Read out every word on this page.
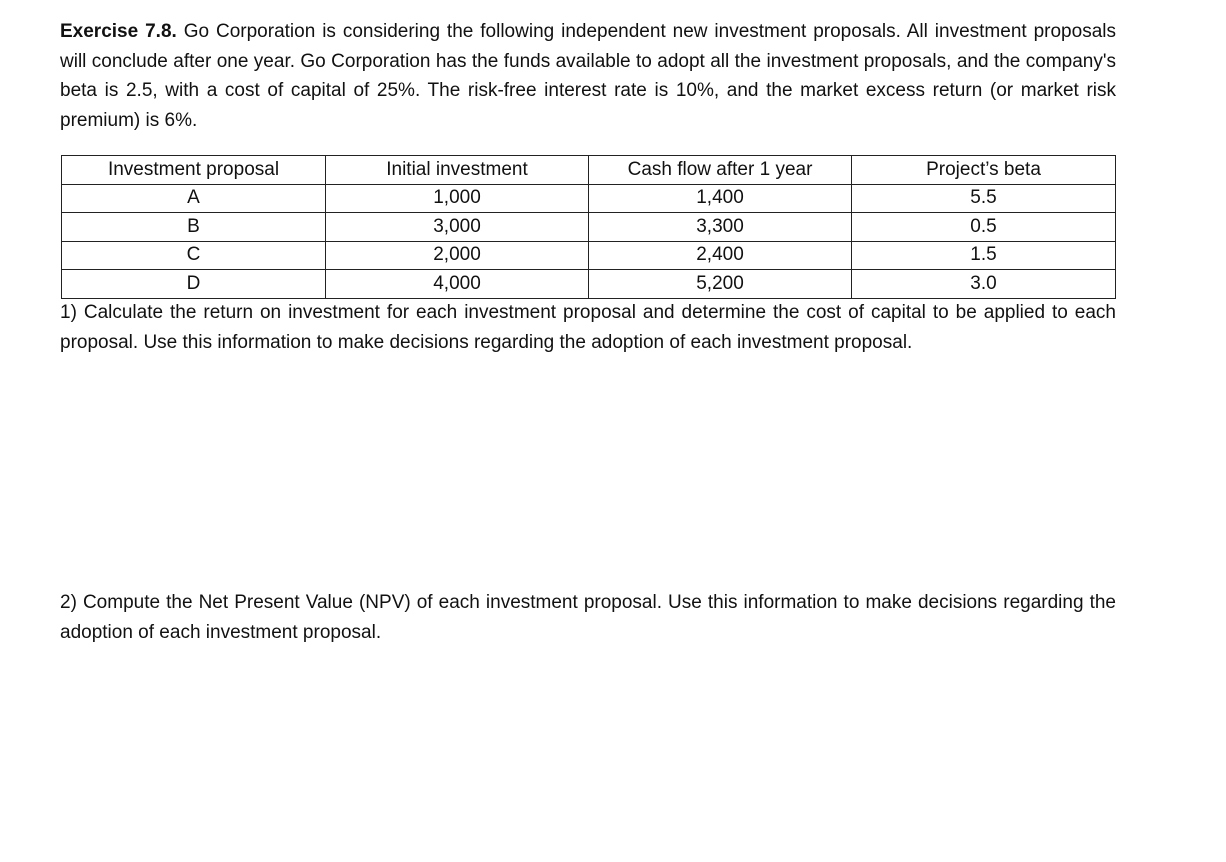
Exercise 7.8. Go Corporation is considering the following independent new investment proposals. All investment proposals will conclude after one year. Go Corporation has the funds available to adopt all the investment proposals, and the company's beta is 2.5, with a cost of capital of 25%. The risk-free interest rate is 10%, and the market excess return (or market risk premium) is 6%.

Investment proposal	Initial investment	Cash flow after 1 year	Project’s beta
A	1,000	1,400	5.5
B	3,000	3,300	0.5
C	2,000	2,400	1.5
D	4,000	5,200	3.0

1) Calculate the return on investment for each investment proposal and determine the cost of capital to be applied to each proposal. Use this information to make decisions regarding the adoption of each investment proposal.

2) Compute the Net Present Value (NPV) of each investment proposal. Use this information to make decisions regarding the adoption of each investment proposal.
